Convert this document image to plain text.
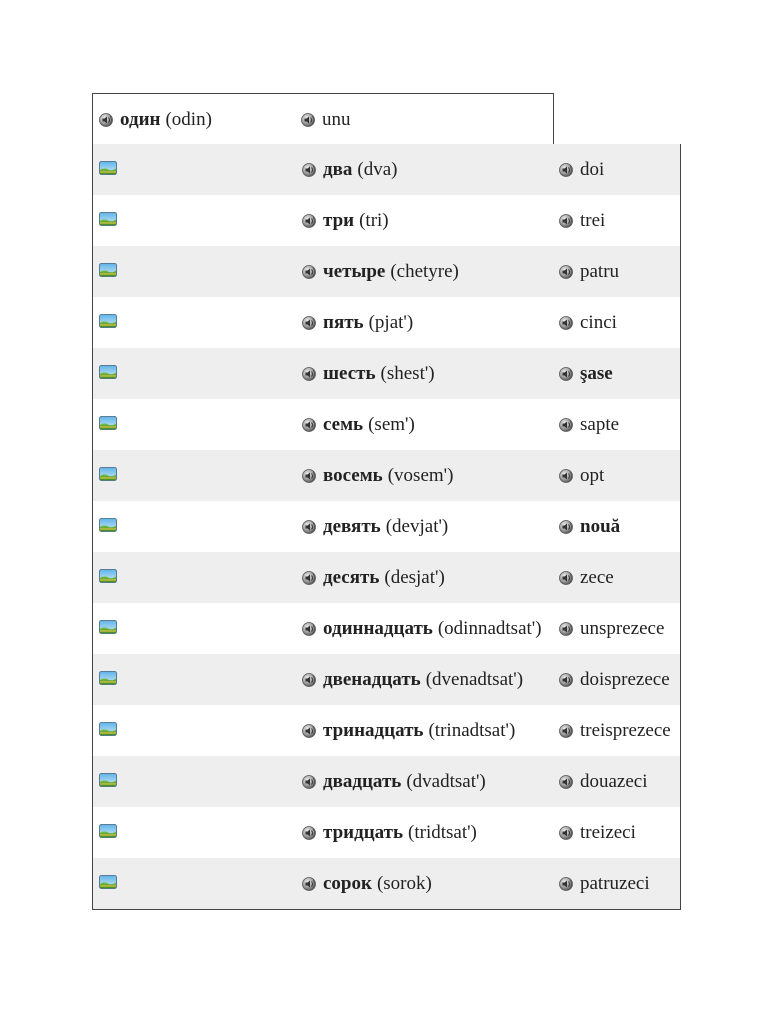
один (odin)	unu
два (dva)	doi
три (tri)	trei
четыре (chetyre)	patru
пять (pjat')	cinci
шесть (shest')	şase
семь (sem')	sapte
восемь (vosem')	opt
девять (devjat')	nouă
десять (desjat')	zece
одиннадцать (odinnadtsat') unsprezece
двенадцать (dvenadtsat')	doisprezece
тринадцать (trinadtsat')	treisprezece
двадцать (dvadtsat')	douazeci
тридцать (tridtsat')	treizeci
сорок (sorok)	patruzeci
